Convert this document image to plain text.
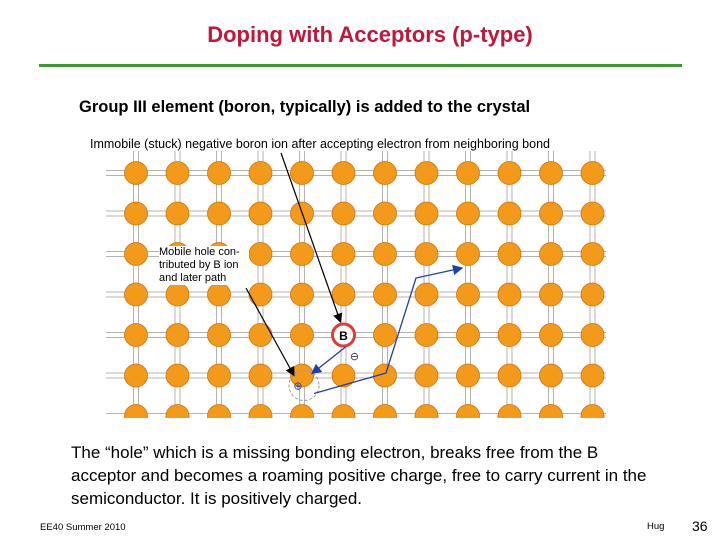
Doping with Acceptors (p-type)
Group III element (boron, typically) is added to the crystal
B
⊖
⊕
Immobile (stuck) negative boron ion after accepting electron from neighboring bond
Mobile hole con-tributed by B ion and later path
The “hole” which is a missing bonding electron, breaks free from the B acceptor and becomes a roaming positive charge, free to carry current in the semiconductor. It is positively charged.
EE40 Summer 2010	Hug 36
